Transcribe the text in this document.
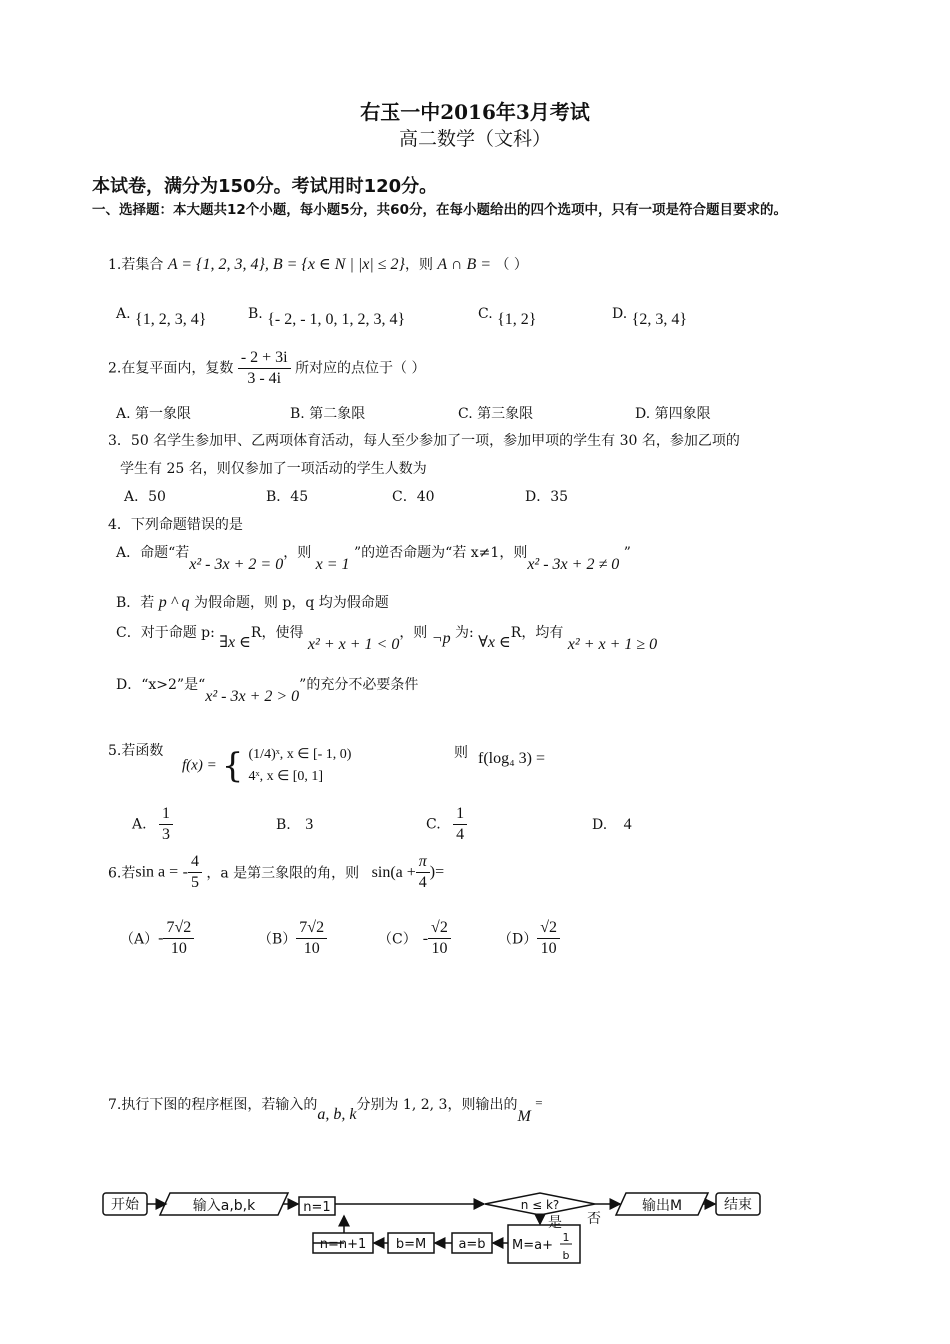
右玉一中2016年3月考试
高二数学（文科）
本试卷，满分为150分。考试用时120分。
一、选择题：本大题共12个小题，每小题5分，共60分，在每小题给出的四个选项中，只有一项是符合题目要求的。
1.若集合 A = {1, 2, 3, 4}, B = {x ∈ N | |x| ≤ 2}，则 A ∩ B = （ ）
A. {1, 2, 3, 4}	B. {- 2, - 1, 0, 1, 2, 3, 4}	C. {1, 2}	D. {2, 3, 4}
2.在复平面内，复数 $\frac{- 2 + 3i}{3 - 4i}$ 所对应的点位于（ ）
A. 第一象限	B. 第二象限	C. 第三象限	D. 第四象限
3．50 名学生参加甲、乙两项体育活动，每人至少参加了一项，参加甲项的学生有 30 名，参加乙项的
学生有 25 名，则仅参加了一项活动的学生人数为
A．50	B．45	C．40	D．35
4．下列命题错误的是
A．命题“若x² - 3x + 2 = 0，则 x = 1 ”的逆否命题为“若 x≠1，则x² - 3x + 2 ≠ 0 ”
B．若 p ^ q 为假命题，则 p，q 均为假命题
C．对于命题 p: ∃x ∈R，使得 x² + x + 1 < 0，则 ¬p 为: ∀x ∈R，均有 x² + x + 1 ≥ 0
D．“x>2”是“x² - 3x + 2 > 0”的充分不必要条件
5.若函数
f(x) = { (1/4)ˣ, x ∈ [- 1, 0)
4ˣ, x ∈ [0, 1]
则 f(log₄ 3) =
A. $\frac{1}{3}$	B. 3	C. $\frac{1}{4}$	D. 4
6.若sin a = - $\frac{4}{5}$ ，a 是第三象限的角，则 $\sin(a + \frac{\pi}{4}$ )=
$(A)- \frac{7√2}{10}$	$(B) \frac{7√2}{10}$	$(C) - \frac{√2}{10}$	$(D) \frac{√2}{10}$
7.执行下图的程序框图，若输入的a, b, k分别为 1, 2, 3，则输出的M =
开始	输入a,b,k	n=1	n ≤ k?
是 否
输出M	结束
M=a+
1
b
a=b
b=M
n=n+1
